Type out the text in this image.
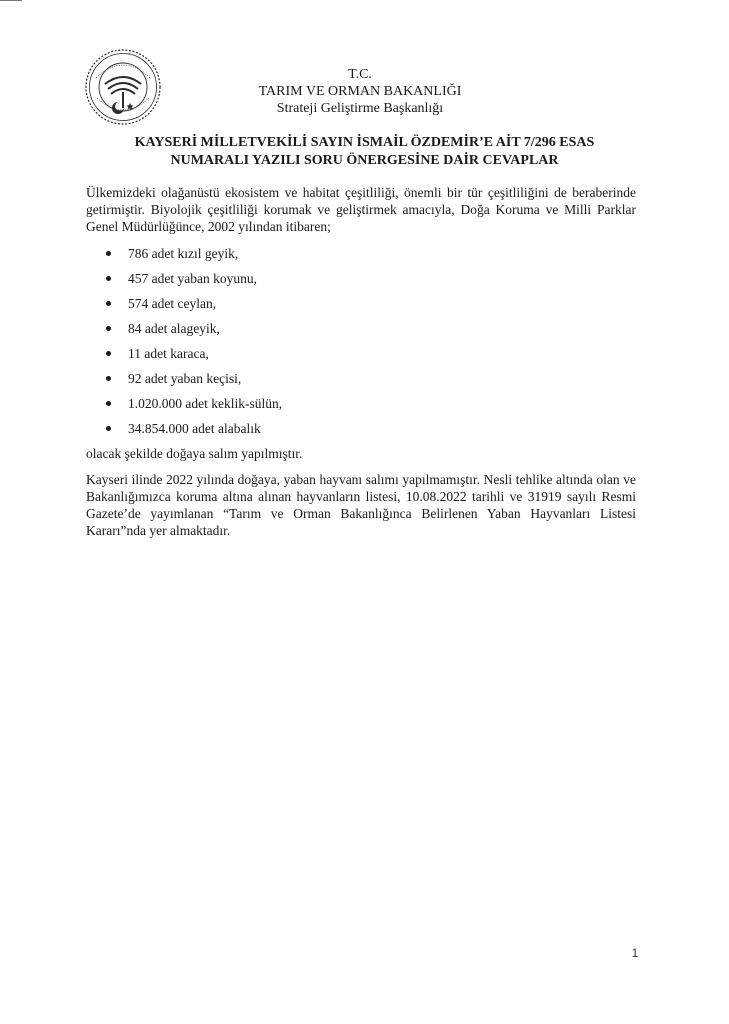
T.C.
TARIM VE ORMAN BAKANLIĞI
Strateji Geliştirme Başkanlığı
KAYSERİ MİLLETVEKİLİ SAYIN İSMAİL ÖZDEMİR’E AİT 7/296 ESAS
NUMARALI YAZILI SORU ÖNERGESİNE DAİR CEVAPLAR

Ülkemizdeki olağanüstü ekosistem ve habitat çeşitliliği, önemli bir tür çeşitliliğini de beraberinde getirmiştir. Biyolojik çeşitliliği korumak ve geliştirmek amacıyla, Doğa Koruma ve Milli Parklar Genel Müdürlüğünce, 2002 yılından itibaren;

786 adet kızıl geyik,
457 adet yaban koyunu,
574 adet ceylan,
84 adet alageyik,
11 adet karaca,
92 adet yaban keçisi,
1.020.000 adet keklik-sülün,
34.854.000 adet alabalık

olacak şekilde doğaya salım yapılmıştır.

Kayseri ilinde 2022 yılında doğaya, yaban hayvanı salımı yapılmamıştır. Nesli tehlike altında olan ve Bakanlığımızca koruma altına alınan hayvanların listesi, 10.08.2022 tarihli ve 31919 sayılı Resmi Gazete’de yayımlanan “Tarım ve Orman Bakanlığınca Belirlenen Yaban Hayvanları Listesi Kararı”nda yer almaktadır.

1
